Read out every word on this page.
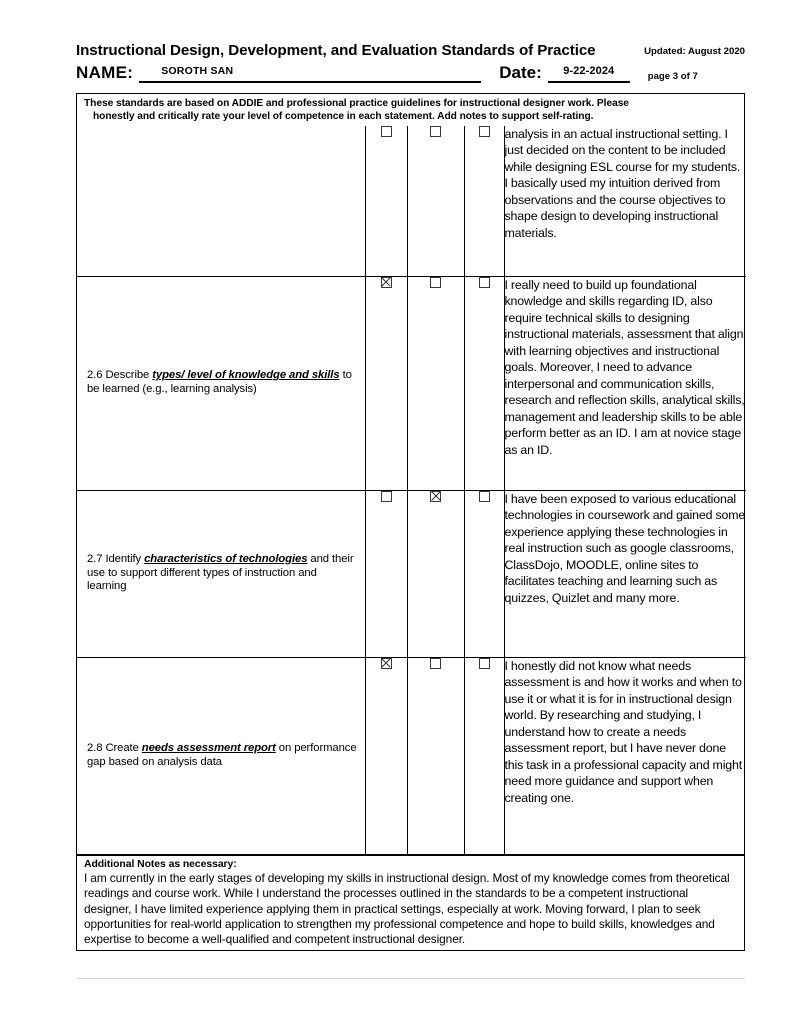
Instructional Design, Development, and Evaluation Standards of Practice	Updated: August 2020
NAME:	SOROTH SAN	Date:	9-22-2024	page 3 of 7
These standards are based on ADDIE and professional practice guidelines for instructional designer work. Please
honestly and critically rate your level of competence in each statement. Add notes to support self-rating.

				analysis in an actual instructional setting. I just decided on the content to be included while designing ESL course for my students. I basically used my intuition derived from observations and the course objectives to shape design to developing instructional materials.

2.6 Describe types/ level of knowledge and skills to be learned (e.g., learning analysis)				I really need to build up foundational knowledge and skills regarding ID, also require technical skills to designing instructional materials, assessment that align with learning objectives and instructional goals. Moreover, I need to advance interpersonal and communication skills, research and reflection skills, analytical skills, management and leadership skills to be able perform better as an ID. I am at novice stage as an ID.

2.7 Identify characteristics of technologies and their use to support different types of instruction and learning				I have been exposed to various educational technologies in coursework and gained some experience applying these technologies in real instruction such as google classrooms, ClassDojo, MOODLE, online sites to facilitates teaching and learning such as quizzes, Quizlet and many more.

2.8 Create needs assessment report on performance gap based on analysis data				I honestly did not know what needs assessment is and how it works and when to use it or what it is for in instructional design world. By researching and studying, I understand how to create a needs assessment report, but I have never done this task in a professional capacity and might need more guidance and support when creating one.
Additional Notes as necessary:
I am currently in the early stages of developing my skills in instructional design. Most of my knowledge comes from theoretical readings and course work. While I understand the processes outlined in the standards to be a competent instructional designer, I have limited experience applying them in practical settings, especially at work. Moving forward, I plan to seek opportunities for real-world application to strengthen my professional competence and hope to build skills, knowledges and expertise to become a well-qualified and competent instructional designer.
